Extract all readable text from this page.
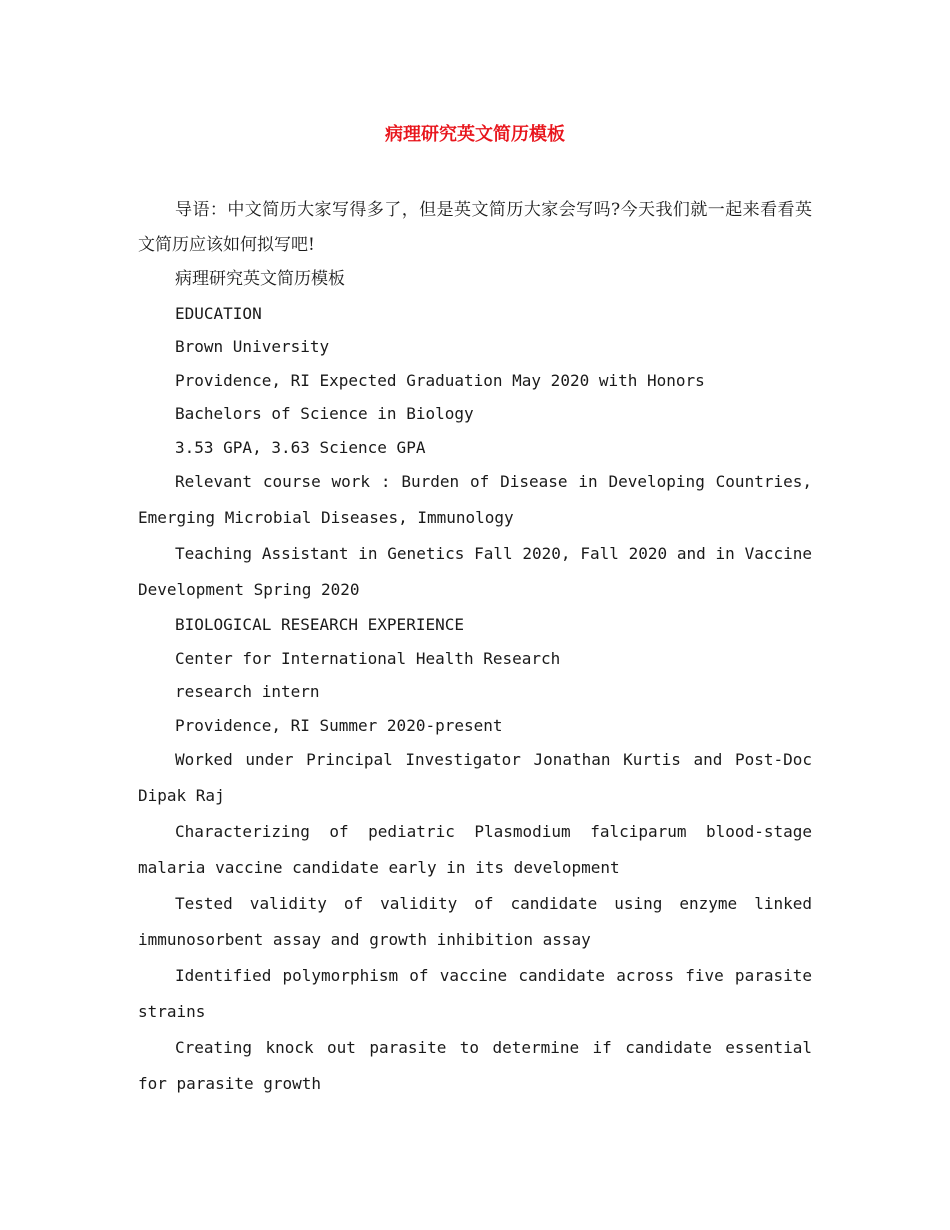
病理研究英文简历模板

导语：中文简历大家写得多了，但是英文简历大家会写吗?今天我们就一起来看看英文简历应该如何拟写吧!

病理研究英文简历模板

EDUCATION

Brown University

Providence, RI Expected Graduation May 2020 with Honors

Bachelors of Science in Biology

3.53 GPA, 3.63 Science GPA

Relevant course work : Burden of Disease in Developing Countries, Emerging Microbial Diseases, Immunology

Teaching Assistant in Genetics Fall 2020, Fall 2020 and in Vaccine Development Spring 2020

BIOLOGICAL RESEARCH EXPERIENCE

Center for International Health Research

research intern

Providence, RI Summer 2020-present

Worked under Principal Investigator Jonathan Kurtis and Post-Doc Dipak Raj

Characterizing of pediatric Plasmodium falciparum blood-stage malaria vaccine candidate early in its development

Tested validity of validity of candidate using enzyme linked immunosorbent assay and growth inhibition assay

Identified polymorphism of vaccine candidate across five parasite strains

Creating knock out parasite to determine if candidate essential for parasite growth
